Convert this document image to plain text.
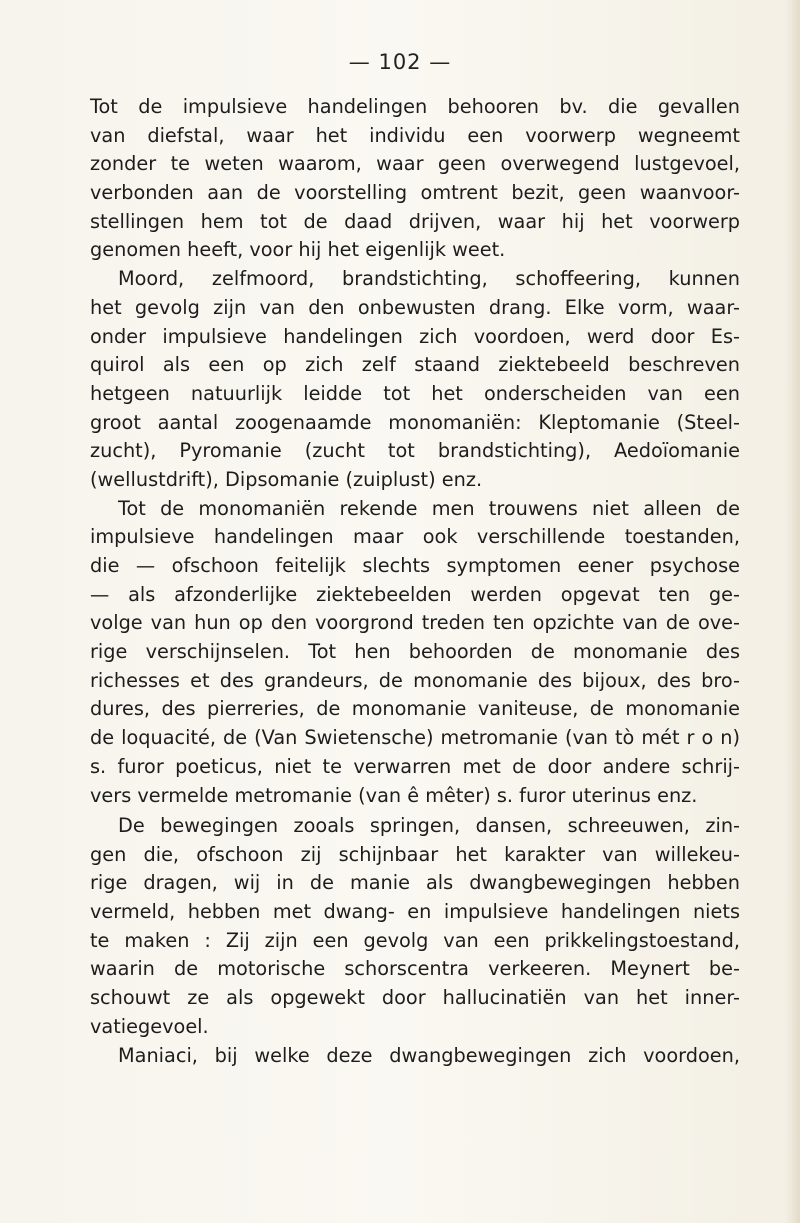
— 102 —
Tot de impulsieve handelingen behooren bv. die gevallen
van diefstal, waar het individu een voorwerp wegneemt
zonder te weten waarom, waar geen overwegend lustgevoel,
verbonden aan de voorstelling omtrent bezit, geen waanvoor-
stellingen hem tot de daad drijven, waar hij het voorwerp
genomen heeft, voor hij het eigenlijk weet.
Moord, zelfmoord, brandstichting, schoffeering, kunnen
het gevolg zijn van den onbewusten drang. Elke vorm, waar-
onder impulsieve handelingen zich voordoen, werd door Es-
quirol als een op zich zelf staand ziektebeeld beschreven
hetgeen natuurlijk leidde tot het onderscheiden van een
groot aantal zoogenaamde monomaniën: Kleptomanie (Steel-
zucht), Pyromanie (zucht tot brandstichting), Aedoïomanie
(wellustdrift), Dipsomanie (zuiplust) enz.
Tot de monomaniën rekende men trouwens niet alleen de
impulsieve handelingen maar ook verschillende toestanden,
die — ofschoon feitelijk slechts symptomen eener psychose
— als afzonderlijke ziektebeelden werden opgevat ten ge-
volge van hun op den voorgrond treden ten opzichte van de ove-
rige verschijnselen. Tot hen behoorden de monomanie des
richesses et des grandeurs, de monomanie des bijoux, des bro-
dures, des pierreries, de monomanie vaniteuse, de monomanie
de loquacité, de (Van Swietensche) metromanie (van tò mét r o n)
s. furor poeticus, niet te verwarren met de door andere schrij-
vers vermelde metromanie (van ê mêter) s. furor uterinus enz.
De bewegingen zooals springen, dansen, schreeuwen, zin-
gen die, ofschoon zij schijnbaar het karakter van willekeu-
rige dragen, wij in de manie als dwangbewegingen hebben
vermeld, hebben met dwang- en impulsieve handelingen niets
te maken : Zij zijn een gevolg van een prikkelingstoestand,
waarin de motorische schorscentra verkeeren. Meynert be-
schouwt ze als opgewekt door hallucinatiën van het inner-
vatiegevoel.
Maniaci, bij welke deze dwangbewegingen zich voordoen,
